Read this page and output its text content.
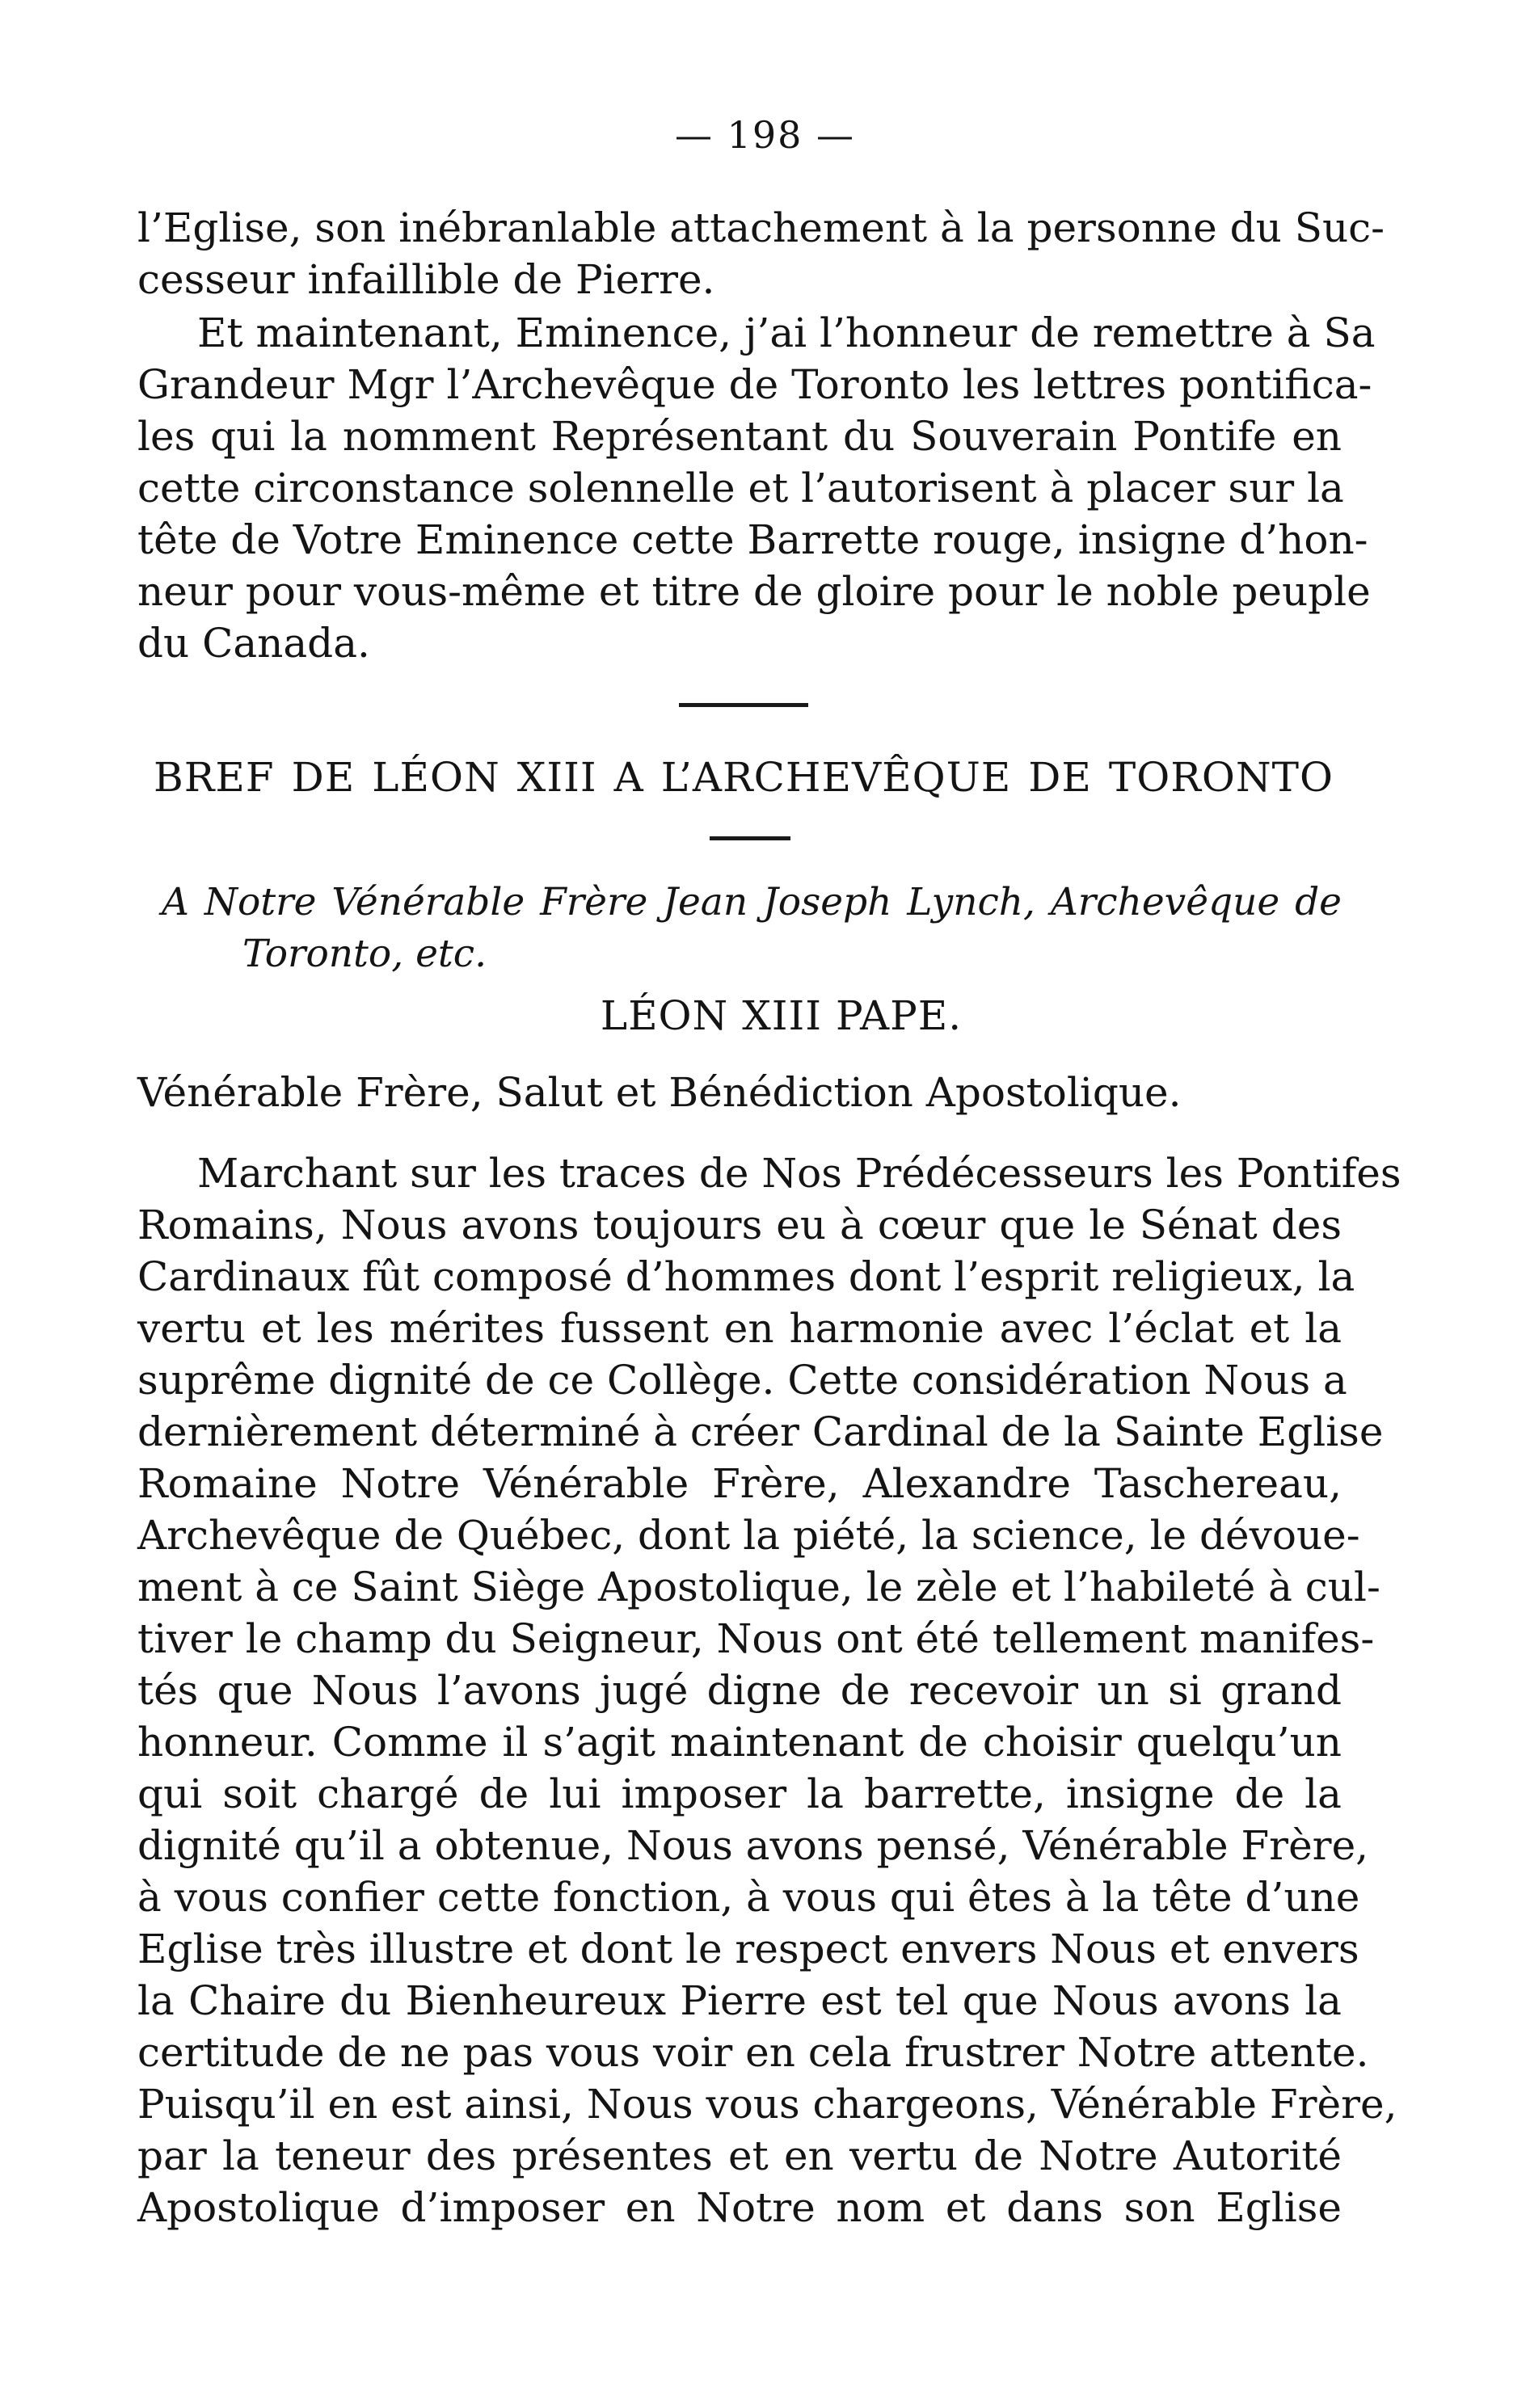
— 198 —
l’Eglise, son inébranlable attachement à la personne du Suc-
cesseur infaillible de Pierre.
Et maintenant, Eminence, j’ai l’honneur de remettre à Sa
Grandeur Mgr l’Archevêque de Toronto les lettres pontifica-
les qui la nomment Représentant du Souverain Pontife en
cette circonstance solennelle et l’autorisent à placer sur la
tête de Votre Eminence cette Barrette rouge, insigne d’hon-
neur pour vous-même et titre de gloire pour le noble peuple
du Canada.
BREF DE LÉON XIII A L’ARCHEVÊQUE DE TORONTO
A Notre Vénérable Frère Jean Joseph Lynch, Archevêque de
Toronto, etc.
LÉON XIII PAPE.
Vénérable Frère, Salut et Bénédiction Apostolique.
Marchant sur les traces de Nos Prédécesseurs les Pontifes
Romains, Nous avons toujours eu à cœur que le Sénat des
Cardinaux fût composé d’hommes dont l’esprit religieux, la
vertu et les mérites fussent en harmonie avec l’éclat et la
suprême dignité de ce Collège. Cette considération Nous a
dernièrement déterminé à créer Cardinal de la Sainte Eglise
Romaine Notre Vénérable Frère, Alexandre Taschereau,
Archevêque de Québec, dont la piété, la science, le dévoue-
ment à ce Saint Siège Apostolique, le zèle et l’habileté à cul-
tiver le champ du Seigneur, Nous ont été tellement manifes-
tés que Nous l’avons jugé digne de recevoir un si grand
honneur. Comme il s’agit maintenant de choisir quelqu’un
qui soit chargé de lui imposer la barrette, insigne de la
dignité qu’il a obtenue, Nous avons pensé, Vénérable Frère,
à vous confier cette fonction, à vous qui êtes à la tête d’une
Eglise très illustre et dont le respect envers Nous et envers
la Chaire du Bienheureux Pierre est tel que Nous avons la
certitude de ne pas vous voir en cela frustrer Notre attente.
Puisqu’il en est ainsi, Nous vous chargeons, Vénérable Frère,
par la teneur des présentes et en vertu de Notre Autorité
Apostolique d’imposer en Notre nom et dans son Eglise
